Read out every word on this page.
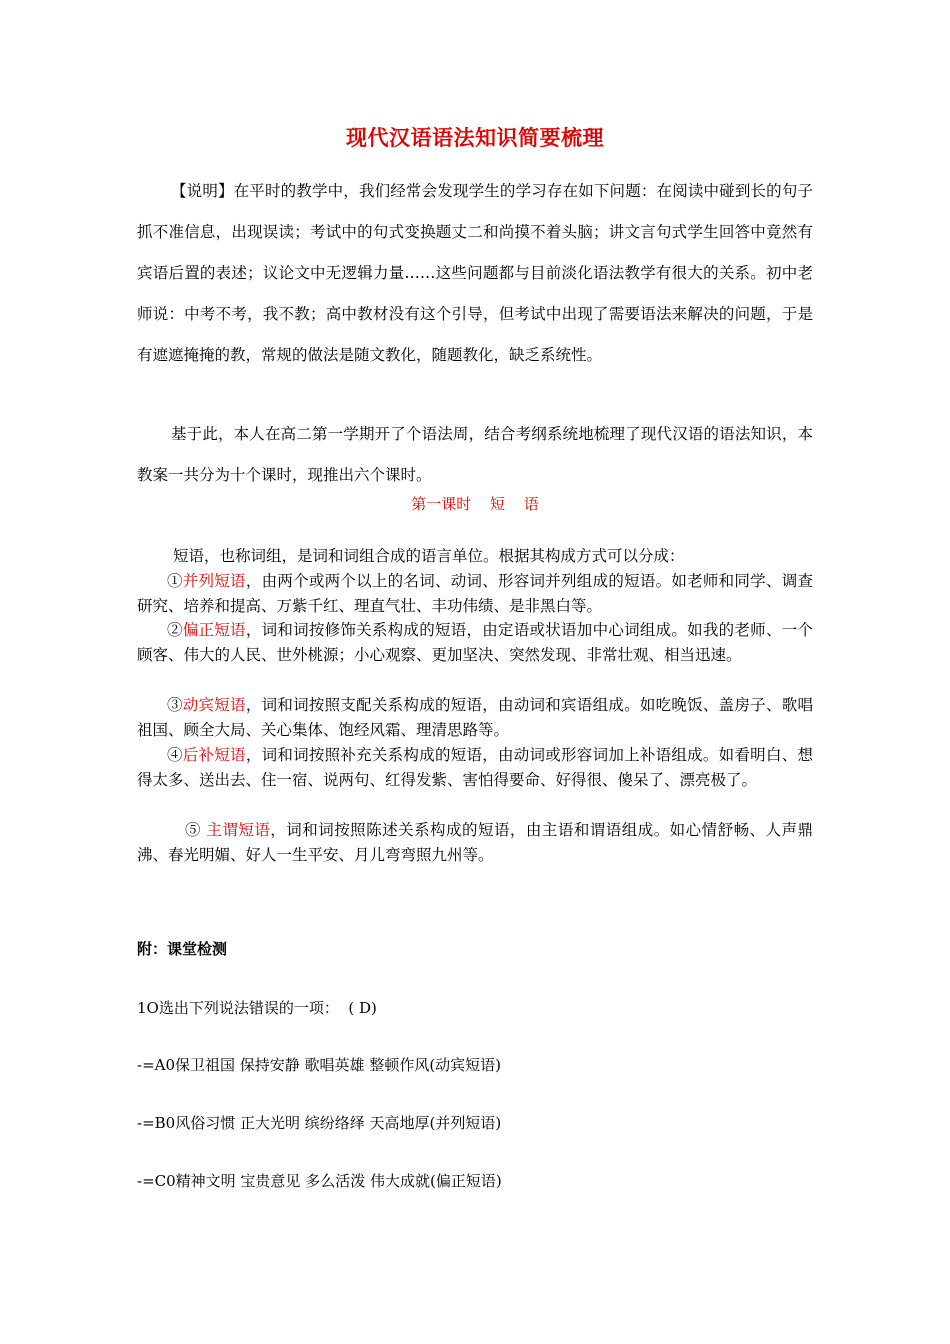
现代汉语语法知识简要梳理

【说明】在平时的教学中，我们经常会发现学生的学习存在如下问题：在阅读中碰到长的句子抓不准信息，出现误读；考试中的句式变换题丈二和尚摸不着头脑；讲文言句式学生回答中竟然有宾语后置的表述；议论文中无逻辑力量……这些问题都与目前淡化语法教学有很大的关系。初中老师说：中考不考，我不教；高中教材没有这个引导，但考试中出现了需要语法来解决的问题，于是有遮遮掩掩的教，常规的做法是随文教化，随题教化，缺乏系统性。

基于此，本人在高二第一学期开了个语法周，结合考纲系统地梳理了现代汉语的语法知识，本教案一共分为十个课时，现推出六个课时。

第一课时 短 语

短语，也称词组，是词和词组合成的语言单位。根据其构成方式可以分成：

①并列短语，由两个或两个以上的名词、动词、形容词并列组成的短语。如老师和同学、调查研究、培养和提高、万紫千红、理直气壮、丰功伟绩、是非黑白等。

②偏正短语，词和词按修饰关系构成的短语，由定语或状语加中心词组成。如我的老师、一个顾客、伟大的人民、世外桃源；小心观察、更加坚决、突然发现、非常壮观、相当迅速。

③动宾短语，词和词按照支配关系构成的短语，由动词和宾语组成。如吃晚饭、盖房子、歌唱祖国、顾全大局、关心集体、饱经风霜、理清思路等。

④后补短语，词和词按照补充关系构成的短语，由动词或形容词加上补语组成。如看明白、想得太多、送出去、住一宿、说两句、红得发紫、害怕得要命、好得很、傻呆了、漂亮极了。

⑤ 主谓短语，词和词按照陈述关系构成的短语，由主语和谓语组成。如心情舒畅、人声鼎沸、春光明媚、好人一生平安、月儿弯弯照九州等。

附：课堂检测
1O选出下列说法错误的一项：  ( D)
-=A0保卫祖国 保持安静 歌唱英雄 整顿作风(动宾短语)
-=B0风俗习惯 正大光明 缤纷络绎 天高地厚(并列短语)
-=C0精神文明 宝贵意见 多么活泼 伟大成就(偏正短语)
